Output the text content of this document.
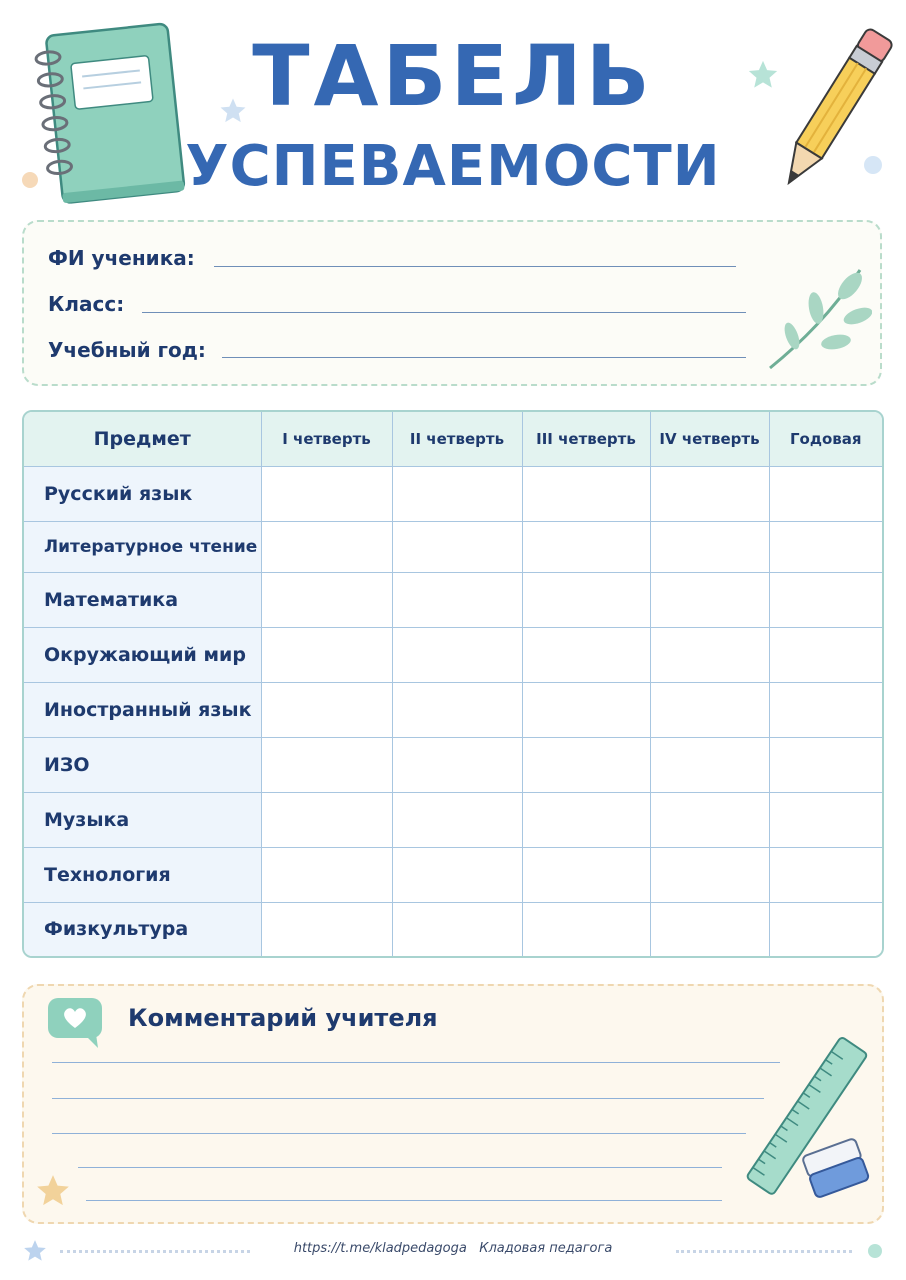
ТАБЕЛЬ
УСПЕВАЕМОСТИ
ФИ ученика:
Класс:
Учебный год:
Предмет	I четверть	II четверть	III четверть	IV четверть	Годовая
Русский язык					
Литературное чтение					
Математика					
Окружающий мир					
Иностранный язык					
ИЗО					
Музыка					
Технология					
Физкультура					
Комментарий учителя
https://t.me/kladpedagoga Кладовая педагога
